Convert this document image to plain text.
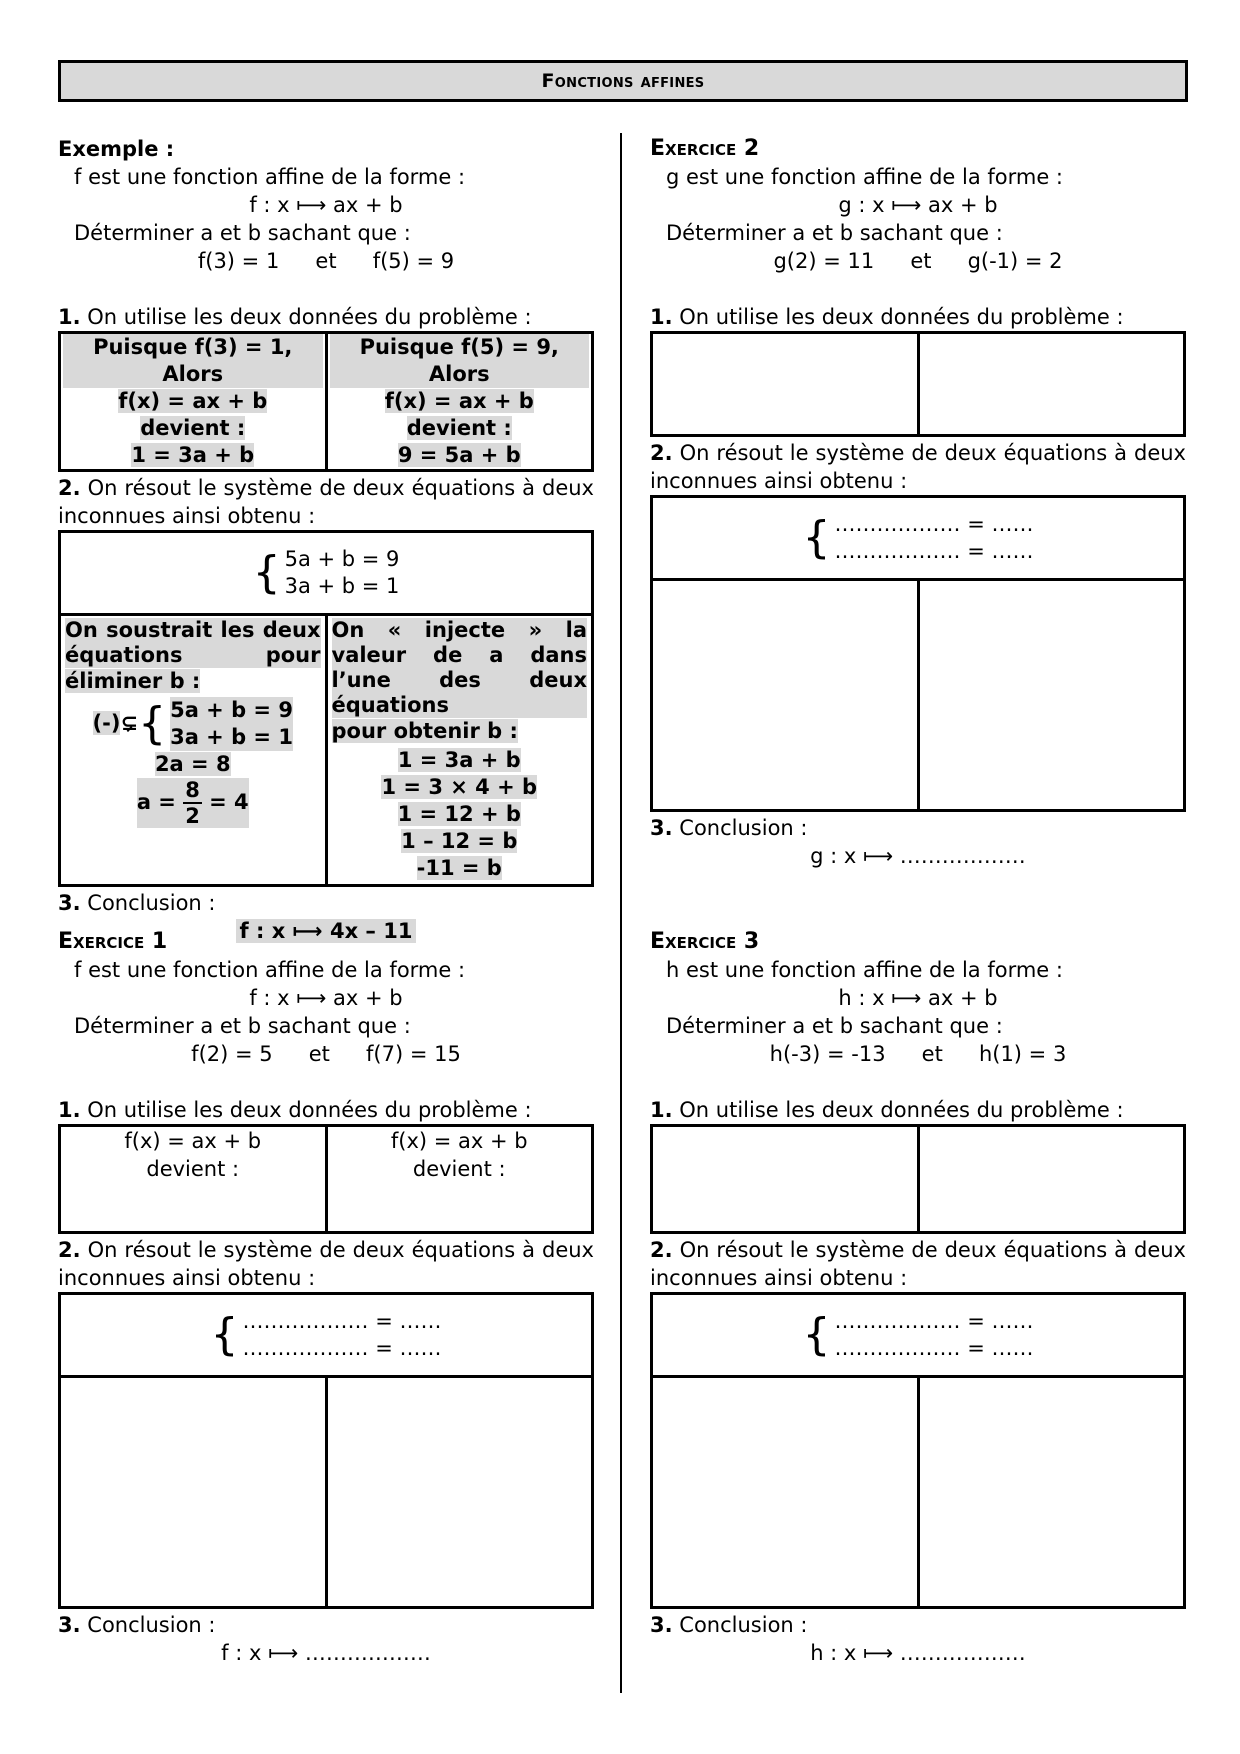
Fonctions affines

Exemple :

f est une fonction affine de la forme :

f : x ⟼ ax + b

Déterminer a et b sachant que :

f(3) = 1 et f(5) = 9

1. On utilise les deux données du problème :

Puisque f(3) = 1, Alors
f(x) = ax + b
devient :
1 = 3a + b

Puisque f(5) = 9, Alors
f(x) = ax + b
devient :
9 = 5a + b

2. On résout le système de deux équations à deux inconnues ainsi obtenu :

{ 5a + b = 9
3a + b = 1

On soustrait les deux équations pour
éliminer b :
(-)⊊{ 5a + b = 9
3a + b = 1
2a = 8
$a = \frac{8}{2} = 4$

On « injecte » la valeur de a dans l’une des deux équations
pour obtenir b :
1 = 3a + b
1 = 3 × 4 + b
1 = 12 + b
1 – 12 = b
-11 = b

3. Conclusion :

f : x ⟼ 4x – 11

Exercice 1

f est une fonction affine de la forme :

f : x ⟼ ax + b

Déterminer a et b sachant que :

f(2) = 5 et f(7) = 15

1. On utilise les deux données du problème :

f(x) = ax + b
devient :

f(x) = ax + b
devient :

2. On résout le système de deux équations à deux inconnues ainsi obtenu :

{ ……………… = ……
……………… = ……

3. Conclusion :

f : x ⟼ ………………

Exercice 2

g est une fonction affine de la forme :

g : x ⟼ ax + b

Déterminer a et b sachant que :

g(2) = 11 et g(-1) = 2

1. On utilise les deux données du problème :

2. On résout le système de deux équations à deux inconnues ainsi obtenu :

{ ……………… = ……
……………… = ……

3. Conclusion :

g : x ⟼ ………………

Exercice 3

h est une fonction affine de la forme :

h : x ⟼ ax + b

Déterminer a et b sachant que :

h(-3) = -13 et h(1) = 3

1. On utilise les deux données du problème :

2. On résout le système de deux équations à deux inconnues ainsi obtenu :

{ ……………… = ……
……………… = ……

3. Conclusion :

h : x ⟼ ………………
